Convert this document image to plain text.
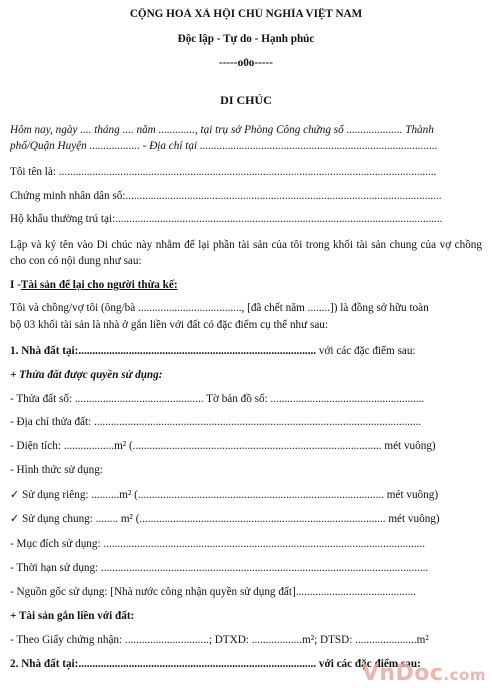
CỘNG HOÀ XÃ HỘI CHỦ NGHĨA VIỆT NAM
Độc lập - Tự do - Hạnh phúc
-----o0o-----
DI CHÚC
Hôm nay, ngày .... tháng .... năm ............., tại trụ sở Phòng Công chứng số .................... Thành
phố/Quận Huyện .................. - Địa chỉ tại .....................................................................................
Tôi tên là: .......................................................................................................................................
Chứng minh nhân dân số:.................................................................................................................
Hộ khẩu thường trú tại:.....................................................................................................................
Lập và ký tên vào Di chúc này nhằm để lại phần tài sản của tôi trong khối tài sản chung của vợ chồng cho con có nội dung như sau:
I -Tài sản để lại cho người thừa kế:
Tôi và chồng/vợ tôi (ông/bà ....................................., [đã chết năm ........]) là đồng sở hữu toàn
bộ 03 khối tài sản là nhà ở gắn liền với đất có đặc điểm cụ thể như sau:
1. Nhà đất tại:..................................................................................... với các đặc điểm sau:
+ Thửa đất được quyền sử dụng:
- Thửa đất số: .............................................. Tờ bản đồ số: .......................................................
- Địa chỉ thửa đất: .....................................................................................................................
- Diện tích: ..................m² (......................................................................................... mét vuông)
- Hình thức sử dụng:
✓ Sử dụng riêng: ..........m² (........................................................................................ mét vuông)
✓ Sử dụng chung: ........ m² (........................................................................................ mét vuông)
- Mục đích sử dụng: ...................................................................................................................
- Thời hạn sử dụng: .....................................................................................................................
- Nguồn gốc sử dụng: [Nhà nước công nhận quyền sử dụng đất]...........................................
+ Tài sản gắn liền với đất:
- Theo Giấy chứng nhận: ..............................; DTXD: ..................m²; DTSD: ......................m²
2. Nhà đất tại:..................................................................................... với các đặc điểm sau:
VnDoc.com
